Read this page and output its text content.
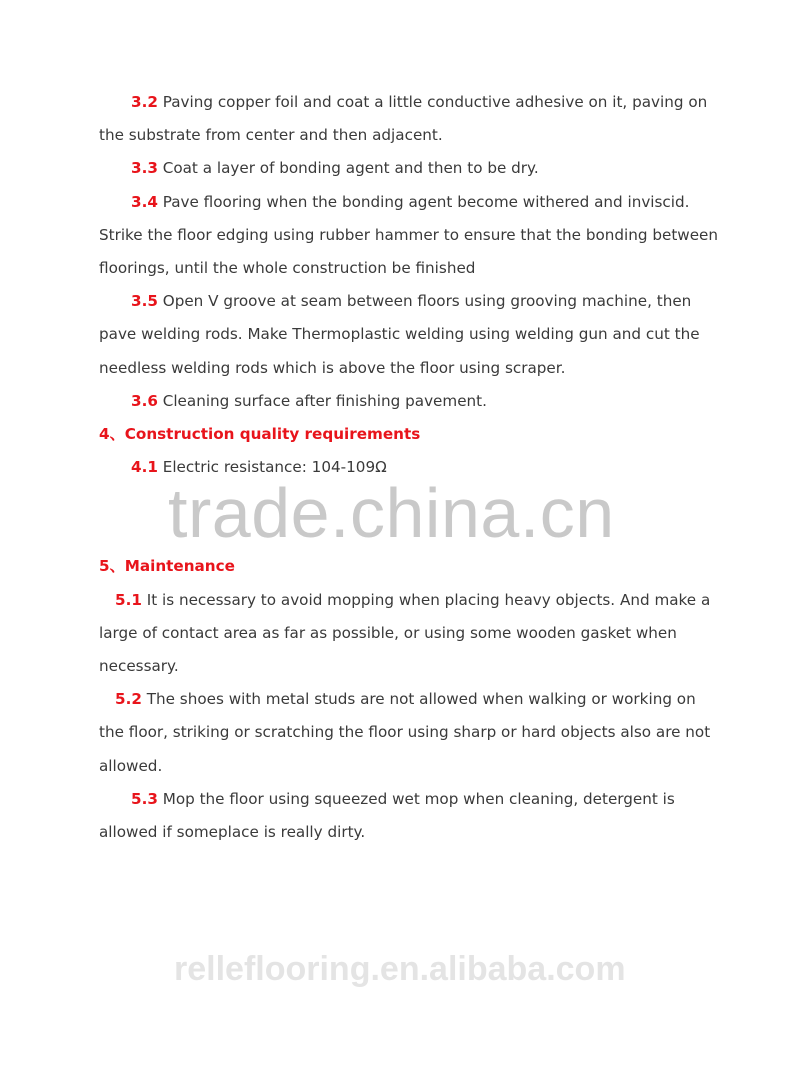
3.2 Paving copper foil and coat a little conductive adhesive on it, paving on the substrate from center and then adjacent.

3.3 Coat a layer of bonding agent and then to be dry.

3.4 Pave flooring when the bonding agent become withered and inviscid. Strike the floor edging using rubber hammer to ensure that the bonding between floorings, until the whole construction be finished

3.5 Open V groove at seam between floors using grooving machine, then pave welding rods. Make Thermoplastic welding using welding gun and cut the needless welding rods which is above the floor using scraper.

3.6 Cleaning surface after finishing pavement.

4、Construction quality requirements

4.1 Electric resistance: 104-109Ω

5、Maintenance

5.1 It is necessary to avoid mopping when placing heavy objects. And make a large of contact area as far as possible, or using some wooden gasket when necessary.

5.2 The shoes with metal studs are not allowed when walking or working on the floor, striking or scratching the floor using sharp or hard objects also are not allowed.

5.3 Mop the floor using squeezed wet mop when cleaning, detergent is allowed if someplace is really dirty.

trade.china.cn
relleflooring.en.alibaba.com
